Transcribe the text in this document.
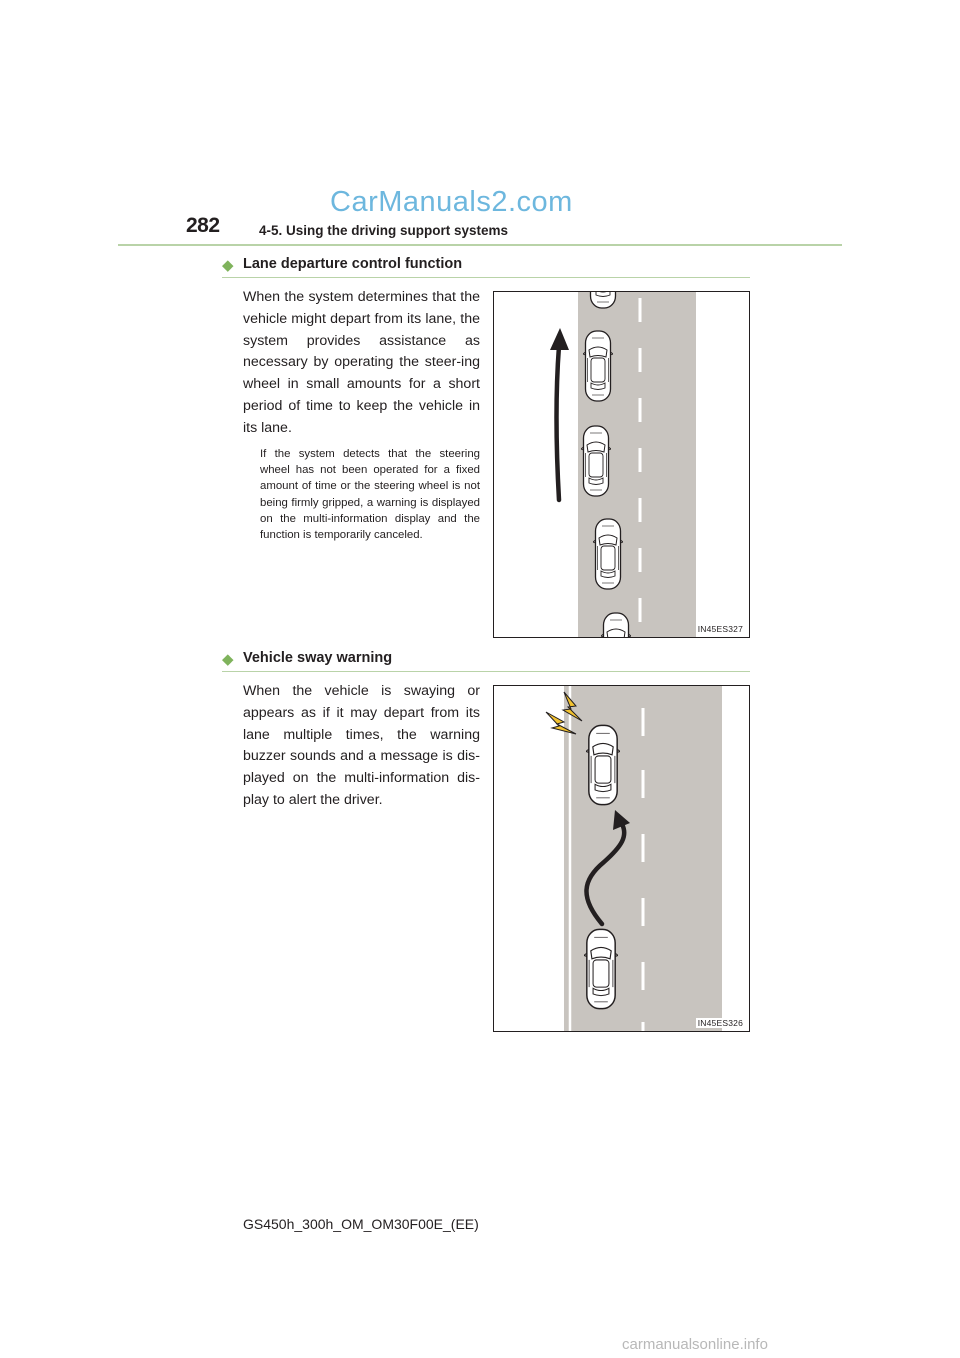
CarManuals2.com
282	4-5. Using the driving support systems
◆ Lane departure control function
When the system determines that the vehicle might depart from its lane, the system provides assistance as necessary by operating the steer-ing wheel in small amounts for a short period of time to keep the vehicle in its lane.
If the system detects that the steering wheel has not been operated for a fixed amount of time or the steering wheel is not being firmly gripped, a warning is displayed on the multi-information display and the function is temporarily canceled.
IN45ES327
◆ Vehicle sway warning
When the vehicle is swaying or appears as if it may depart from its lane multiple times, the warning buzzer sounds and a message is dis-played on the multi-information dis-play to alert the driver.
IN45ES326
GS450h_300h_OM_OM30F00E_(EE)
carmanualsonline.info
